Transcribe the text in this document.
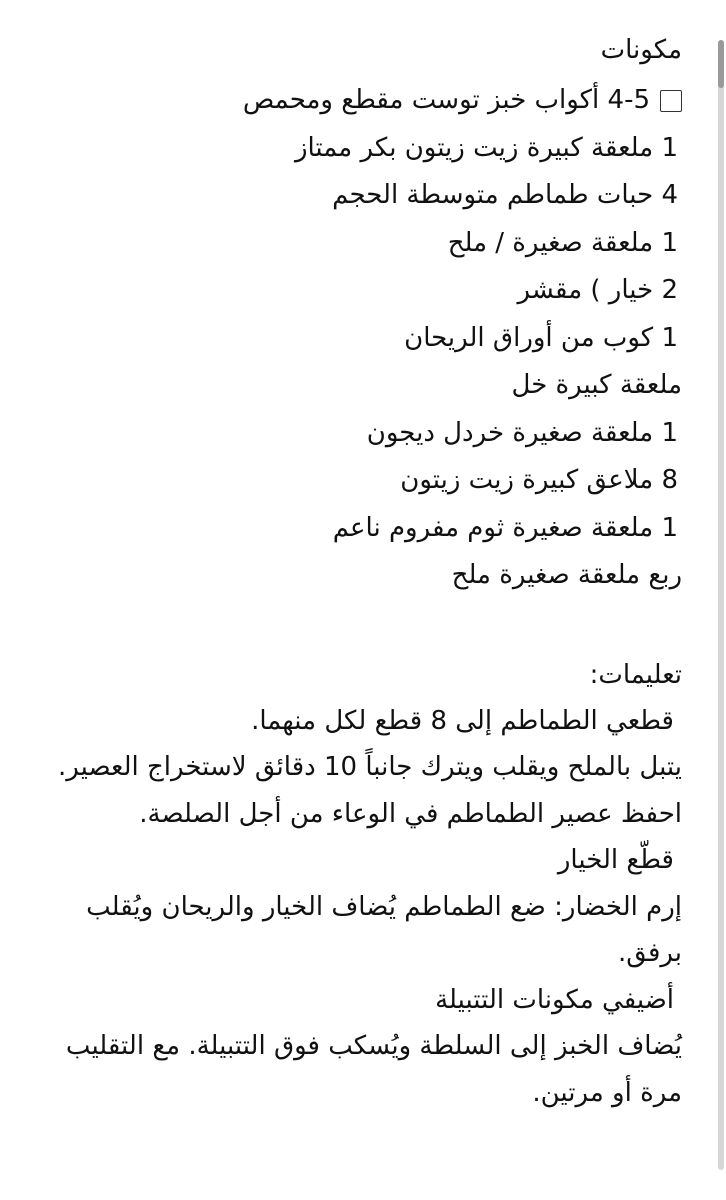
مكونات
4-5 أكواب خبز توست مقطع ومحمص
1 ملعقة كبيرة زيت زيتون بكر ممتاز
4 حبات طماطم متوسطة الحجم
1 ملعقة صغيرة / ملح
2 خيار ) مقشر
1 كوب من أوراق الريحان
ملعقة كبيرة خل
1 ملعقة صغيرة خردل ديجون
8 ملاعق كبيرة زيت زيتون
1 ملعقة صغيرة ثوم مفروم ناعم
ربع ملعقة صغيرة ملح
تعليمات:

قطعي الطماطم إلى 8 قطع لكل منهما.

يتبل بالملح ويقلب ويترك جانباً 10 دقائق لاستخراج العصير. احفظ عصير الطماطم في الوعاء من أجل الصلصة.

قطّع الخيار

إرم الخضار: ضع الطماطم يُضاف الخيار والريحان ويُقلب برفق.

أضيفي مكونات التتبيلة

يُضاف الخبز إلى السلطة ويُسكب فوق التتبيلة. مع التقليب مرة أو مرتين.
